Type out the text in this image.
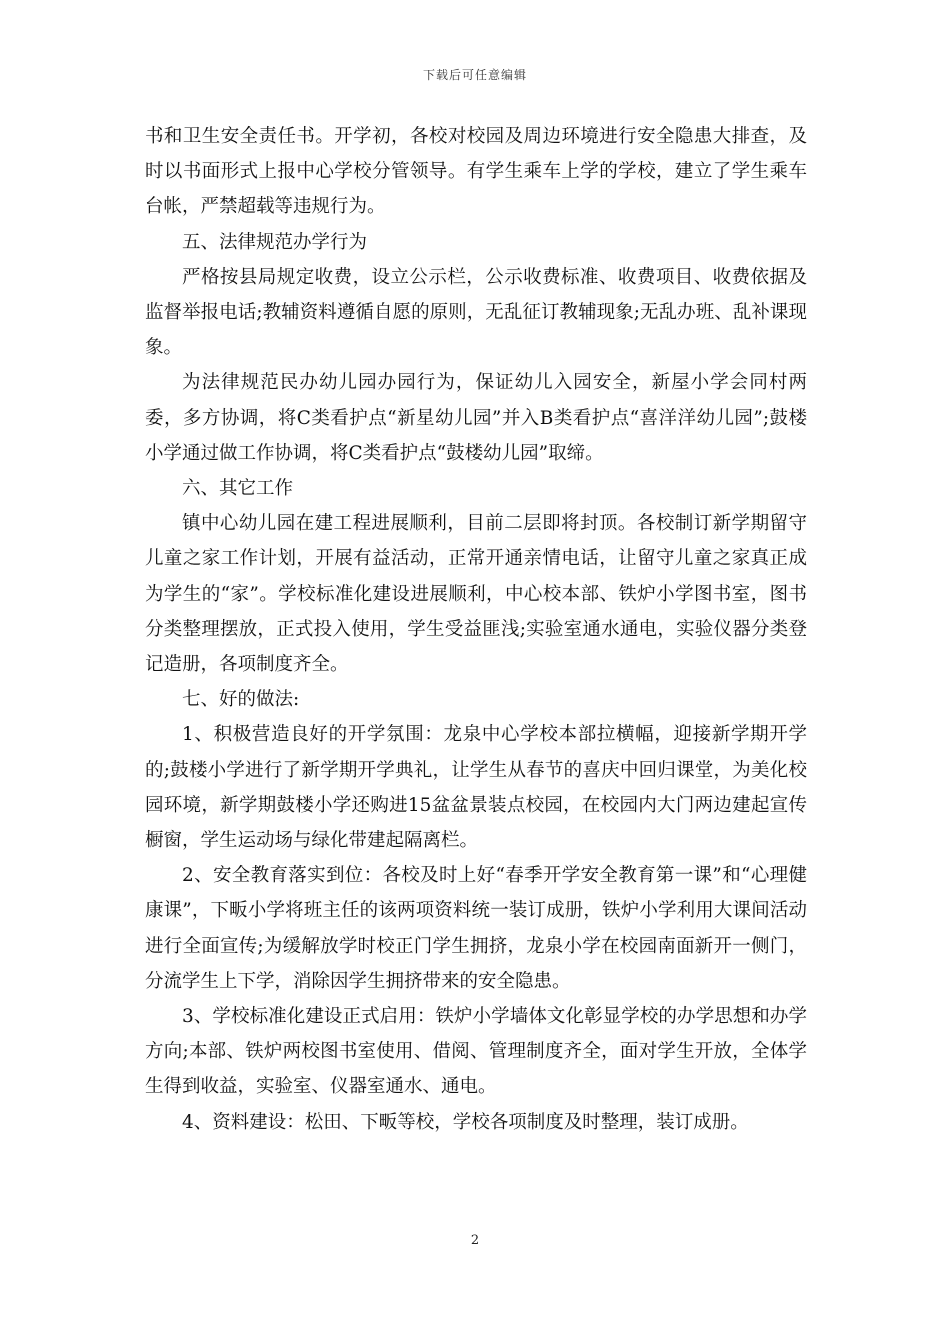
下载后可任意编辑

书和卫生安全责任书。开学初，各校对校园及周边环境进行安全隐患大排查，及时以书面形式上报中心学校分管领导。有学生乘车上学的学校，建立了学生乘车台帐，严禁超载等违规行为。

五、法律规范办学行为

严格按县局规定收费，设立公示栏，公示收费标准、收费项目、收费依据及监督举报电话;教辅资料遵循自愿的原则，无乱征订教辅现象;无乱办班、乱补课现象。

为法律规范民办幼儿园办园行为，保证幼儿入园安全，新屋小学会同村两委，多方协调，将C类看护点“新星幼儿园”并入B类看护点“喜洋洋幼儿园”;鼓楼小学通过做工作协调，将C类看护点“鼓楼幼儿园”取缔。

六、其它工作

镇中心幼儿园在建工程进展顺利，目前二层即将封顶。各校制订新学期留守儿童之家工作计划，开展有益活动，正常开通亲情电话，让留守儿童之家真正成为学生的“家”。学校标准化建设进展顺利，中心校本部、铁炉小学图书室，图书分类整理摆放，正式投入使用，学生受益匪浅;实验室通水通电，实验仪器分类登记造册，各项制度齐全。

七、好的做法:

1、积极营造良好的开学氛围：龙泉中心学校本部拉横幅，迎接新学期开学的;鼓楼小学进行了新学期开学典礼，让学生从春节的喜庆中回归课堂，为美化校园环境，新学期鼓楼小学还购进15盆盆景装点校园，在校园内大门两边建起宣传橱窗，学生运动场与绿化带建起隔离栏。

2、安全教育落实到位：各校及时上好“春季开学安全教育第一课”和“心理健康课”，下畈小学将班主任的该两项资料统一装订成册，铁炉小学利用大课间活动进行全面宣传;为缓解放学时校正门学生拥挤，龙泉小学在校园南面新开一侧门，分流学生上下学，消除因学生拥挤带来的安全隐患。

3、学校标准化建设正式启用：铁炉小学墙体文化彰显学校的办学思想和办学方向;本部、铁炉两校图书室使用、借阅、管理制度齐全，面对学生开放，全体学生得到收益，实验室、仪器室通水、通电。

4、资料建设：松田、下畈等校，学校各项制度及时整理，装订成册。

2
